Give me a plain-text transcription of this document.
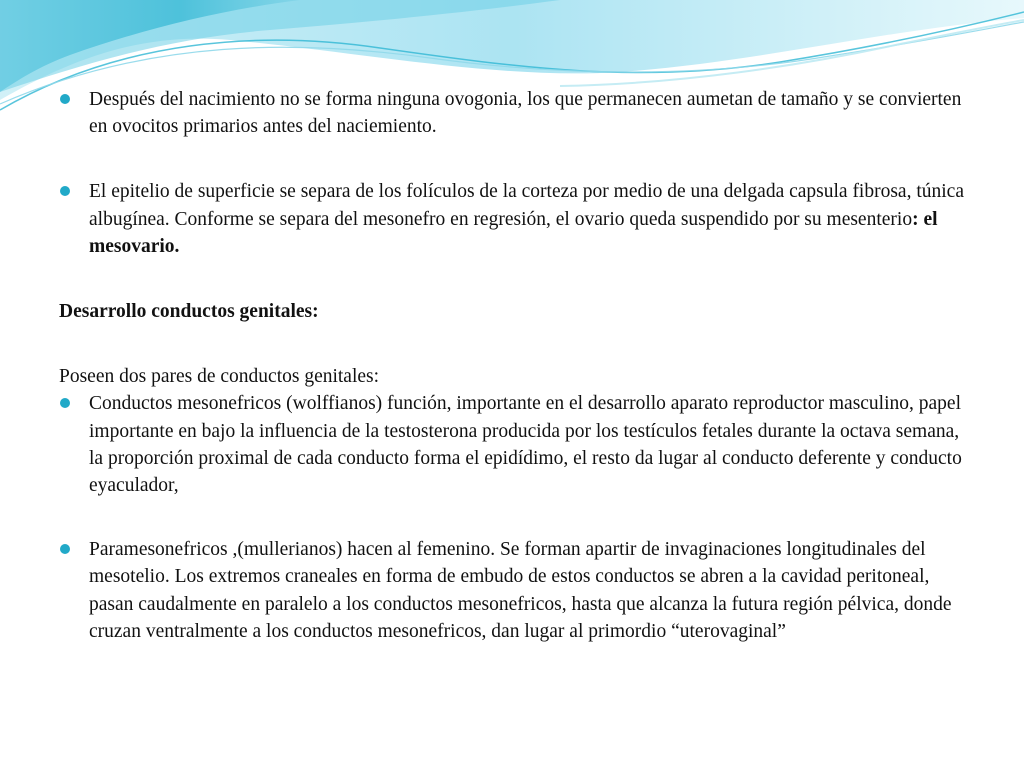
Después del nacimiento no se forma ninguna ovogonia, los que permanecen aumetan de tamaño y se convierten en ovocitos primarios antes del naciemiento.

El epitelio de superficie se separa de los folículos de la corteza por medio de una delgada capsula fibrosa, túnica albugínea. Conforme se separa del mesonefro en regresión, el ovario queda suspendido por su mesenterio: el mesovario.

Desarrollo conductos genitales:

Poseen dos pares de conductos genitales:

Conductos mesonefricos (wolffianos) función, importante en el desarrollo aparato reproductor masculino, papel importante en bajo la influencia de la testosterona producida por los testículos fetales durante la octava semana, la proporción proximal de cada conducto forma el epidídimo, el resto da lugar al conducto deferente y conducto eyaculador,

Paramesonefricos ,(mullerianos) hacen al femenino. Se forman apartir de invaginaciones longitudinales del mesotelio. Los extremos craneales en forma de embudo de estos conductos se abren a la cavidad peritoneal, pasan caudalmente en paralelo a los conductos mesonefricos, hasta que alcanza la futura región pélvica, donde cruzan ventralmente a los conductos mesonefricos, dan lugar al primordio “uterovaginal”
